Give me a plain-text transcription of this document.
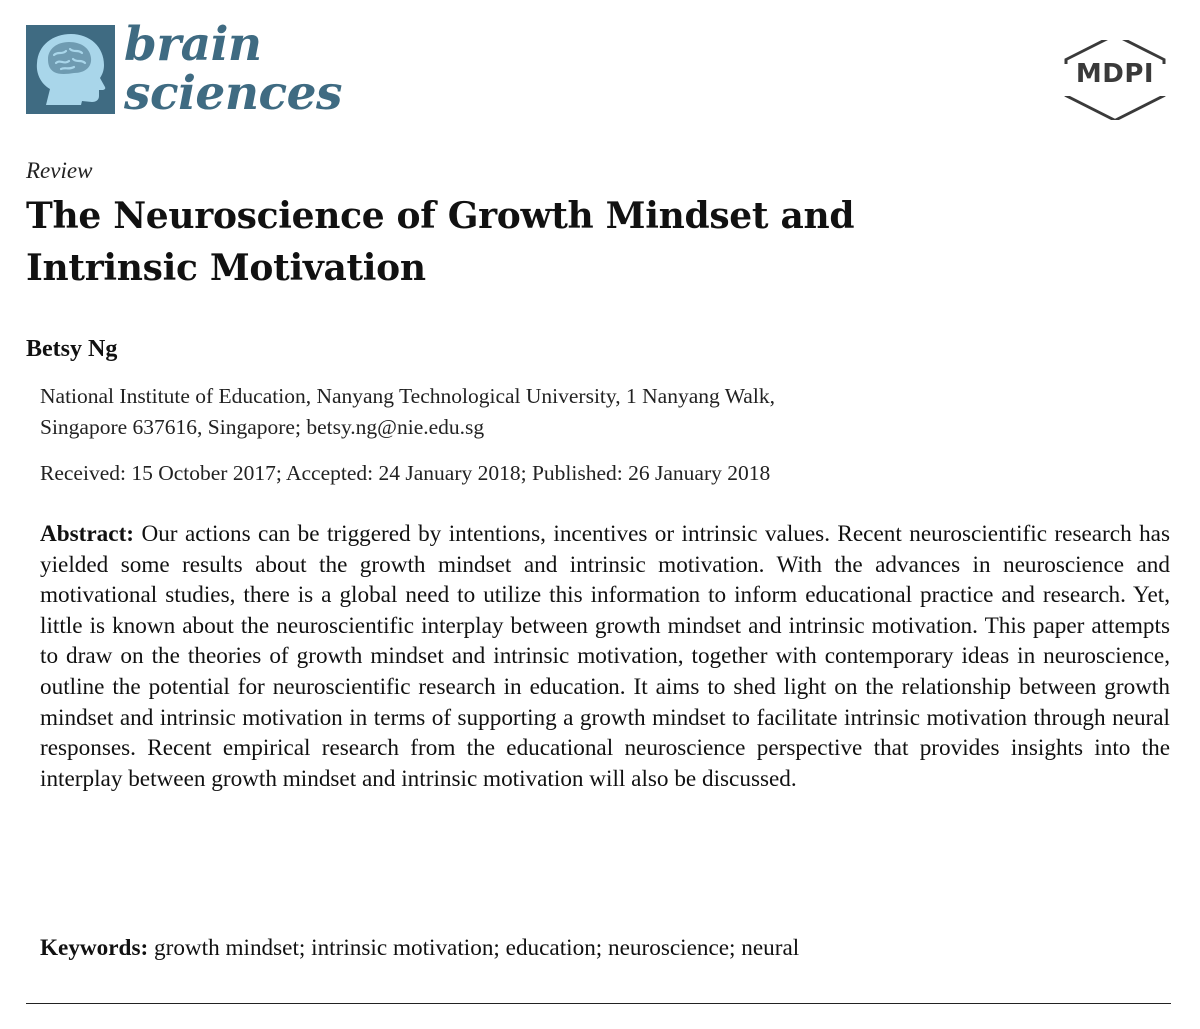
brain
sciences	MDPI
Review
The Neuroscience of Growth Mindset and Intrinsic Motivation
Betsy Ng
National Institute of Education, Nanyang Technological University, 1 Nanyang Walk,
Singapore 637616, Singapore; betsy.ng@nie.edu.sg
Received: 15 October 2017; Accepted: 24 January 2018; Published: 26 January 2018

Abstract: Our actions can be triggered by intentions, incentives or intrinsic values. Recent neuroscientific research has yielded some results about the growth mindset and intrinsic motivation. With the advances in neuroscience and motivational studies, there is a global need to utilize this information to inform educational practice and research. Yet, little is known about the neuroscientific interplay between growth mindset and intrinsic motivation. This paper attempts to draw on the theories of growth mindset and intrinsic motivation, together with contemporary ideas in neuroscience, outline the potential for neuroscientific research in education. It aims to shed light on the relationship between growth mindset and intrinsic motivation in terms of supporting a growth mindset to facilitate intrinsic motivation through neural responses. Recent empirical research from the educational neuroscience perspective that provides insights into the interplay between growth mindset and intrinsic motivation will also be discussed.

Keywords: growth mindset; intrinsic motivation; education; neuroscience; neural
